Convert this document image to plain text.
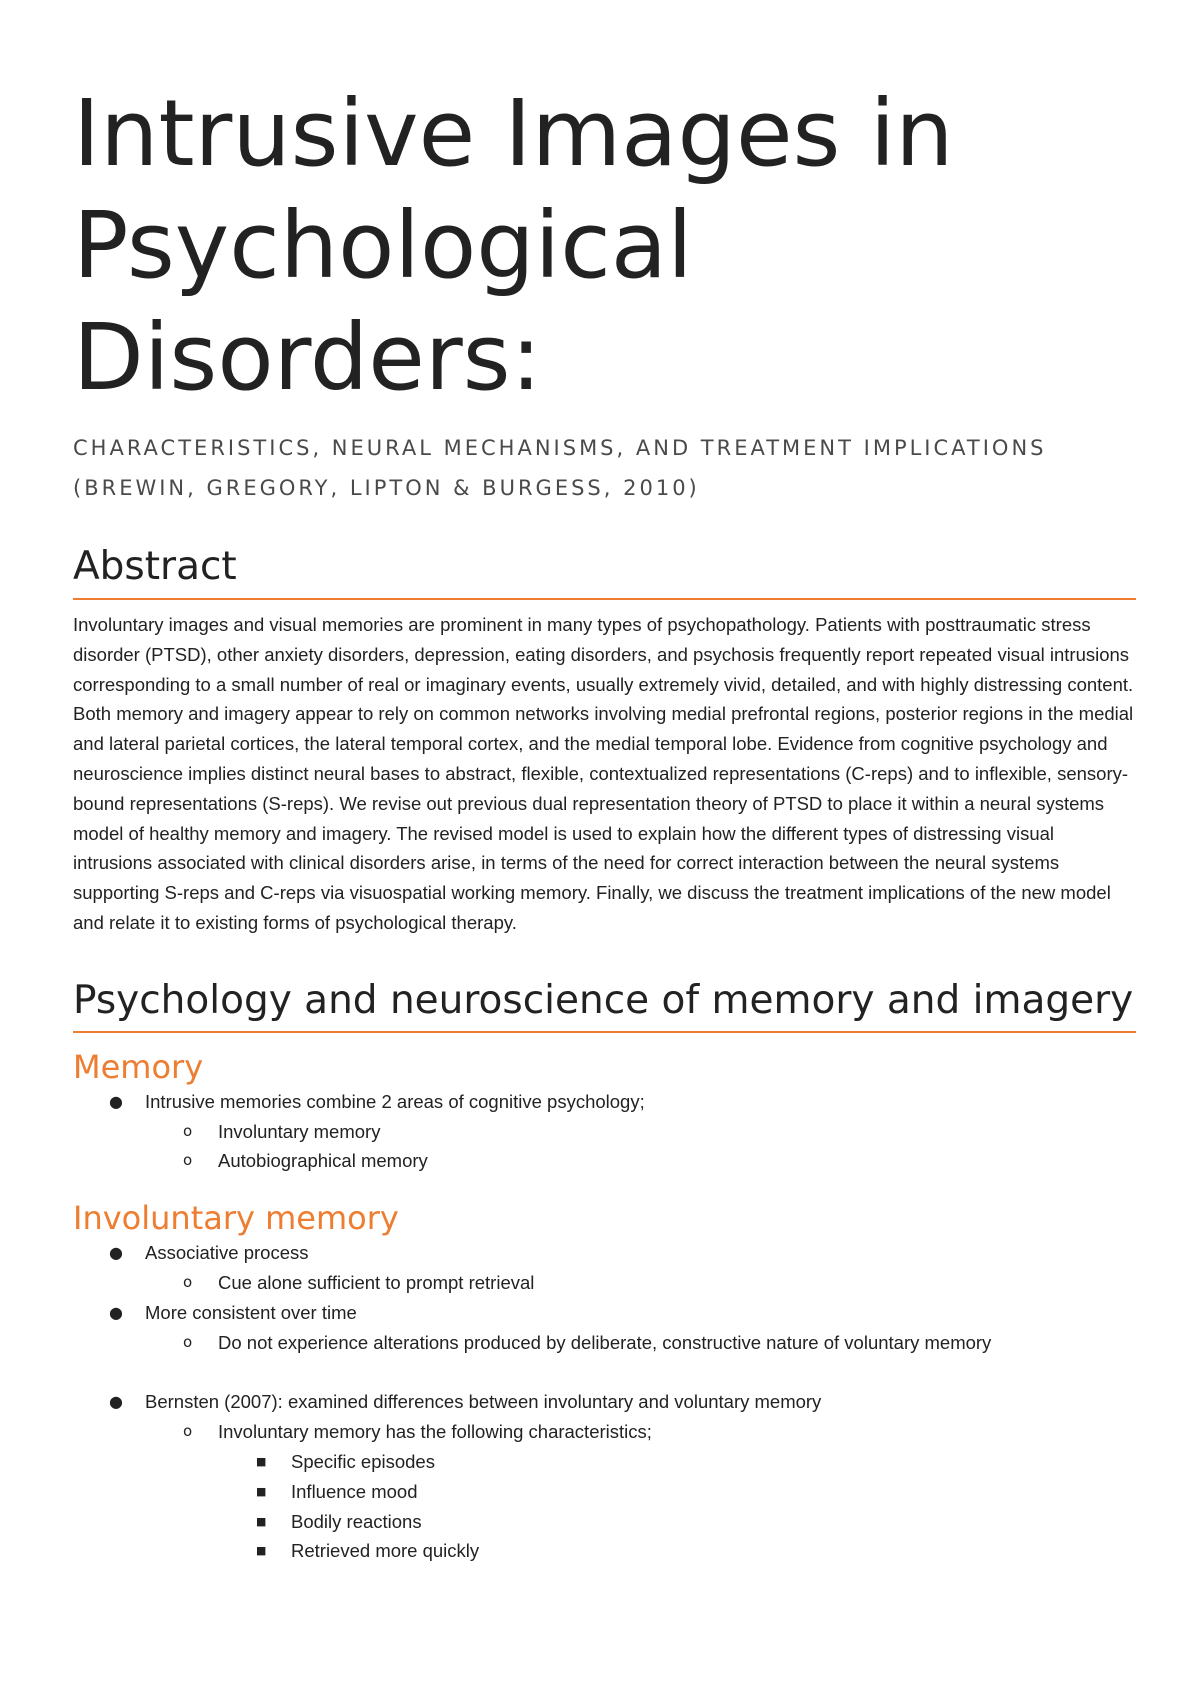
Intrusive Images in Psychological Disorders:
CHARACTERISTICS, NEURAL MECHANISMS, AND TREATMENT IMPLICATIONS
(BREWIN, GREGORY, LIPTON & BURGESS, 2010)
Abstract

Involuntary images and visual memories are prominent in many types of psychopathology. Patients with posttraumatic stress disorder (PTSD), other anxiety disorders, depression, eating disorders, and psychosis frequently report repeated visual intrusions corresponding to a small number of real or imaginary events, usually extremely vivid, detailed, and with highly distressing content. Both memory and imagery appear to rely on common networks involving medial prefrontal regions, posterior regions in the medial and lateral parietal cortices, the lateral temporal cortex, and the medial temporal lobe. Evidence from cognitive psychology and neuroscience implies distinct neural bases to abstract, flexible, contextualized representations (C-reps) and to inflexible, sensory-bound representations (S-reps). We revise out previous dual representation theory of PTSD to place it within a neural systems model of healthy memory and imagery. The revised model is used to explain how the different types of distressing visual intrusions associated with clinical disorders arise, in terms of the need for correct interaction between the neural systems supporting S-reps and C-reps via visuospatial working memory. Finally, we discuss the treatment implications of the new model and relate it to existing forms of psychological therapy.

Psychology and neuroscience of memory and imagery
Memory
● Intrusive memories combine 2 areas of cognitive psychology;
o Involuntary memory
o Autobiographical memory
Involuntary memory
● Associative process
o Cue alone sufficient to prompt retrieval
● More consistent over time
o Do not experience alterations produced by deliberate, constructive nature of voluntary memory
● Bernsten (2007): examined differences between involuntary and voluntary memory
o Involuntary memory has the following characteristics;
■ Specific episodes
■ Influence mood
■ Bodily reactions
■ Retrieved more quickly
